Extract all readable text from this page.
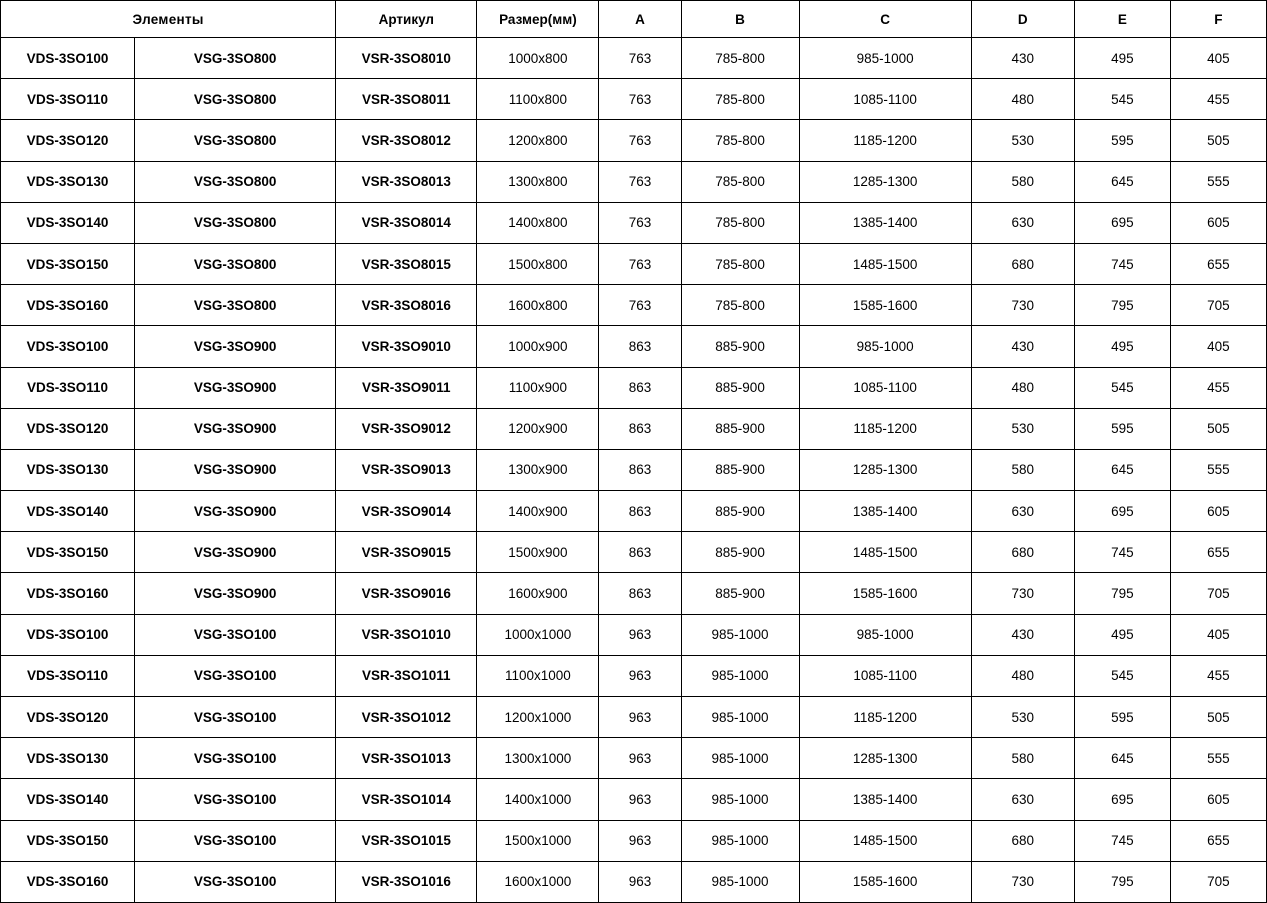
Элементы		Артикул	Размер(мм)	A	B	C	D	E	F
VDS-3SO100	VSG-3SO800	VSR-3SO8010	1000x800	763	785-800	985-1000	430	495	405
VDS-3SO110	VSG-3SO800	VSR-3SO8011	1100x800	763	785-800	1085-1100	480	545	455
VDS-3SO120	VSG-3SO800	VSR-3SO8012	1200x800	763	785-800	1185-1200	530	595	505
VDS-3SO130	VSG-3SO800	VSR-3SO8013	1300x800	763	785-800	1285-1300	580	645	555
VDS-3SO140	VSG-3SO800	VSR-3SO8014	1400x800	763	785-800	1385-1400	630	695	605
VDS-3SO150	VSG-3SO800	VSR-3SO8015	1500x800	763	785-800	1485-1500	680	745	655
VDS-3SO160	VSG-3SO800	VSR-3SO8016	1600x800	763	785-800	1585-1600	730	795	705
VDS-3SO100	VSG-3SO900	VSR-3SO9010	1000x900	863	885-900	985-1000	430	495	405
VDS-3SO110	VSG-3SO900	VSR-3SO9011	1100x900	863	885-900	1085-1100	480	545	455
VDS-3SO120	VSG-3SO900	VSR-3SO9012	1200x900	863	885-900	1185-1200	530	595	505
VDS-3SO130	VSG-3SO900	VSR-3SO9013	1300x900	863	885-900	1285-1300	580	645	555
VDS-3SO140	VSG-3SO900	VSR-3SO9014	1400x900	863	885-900	1385-1400	630	695	605
VDS-3SO150	VSG-3SO900	VSR-3SO9015	1500x900	863	885-900	1485-1500	680	745	655
VDS-3SO160	VSG-3SO900	VSR-3SO9016	1600x900	863	885-900	1585-1600	730	795	705
VDS-3SO100	VSG-3SO100	VSR-3SO1010	1000x1000	963	985-1000	985-1000	430	495	405
VDS-3SO110	VSG-3SO100	VSR-3SO1011	1100x1000	963	985-1000	1085-1100	480	545	455
VDS-3SO120	VSG-3SO100	VSR-3SO1012	1200x1000	963	985-1000	1185-1200	530	595	505
VDS-3SO130	VSG-3SO100	VSR-3SO1013	1300x1000	963	985-1000	1285-1300	580	645	555
VDS-3SO140	VSG-3SO100	VSR-3SO1014	1400x1000	963	985-1000	1385-1400	630	695	605
VDS-3SO150	VSG-3SO100	VSR-3SO1015	1500x1000	963	985-1000	1485-1500	680	745	655
VDS-3SO160	VSG-3SO100	VSR-3SO1016	1600x1000	963	985-1000	1585-1600	730	795	705
